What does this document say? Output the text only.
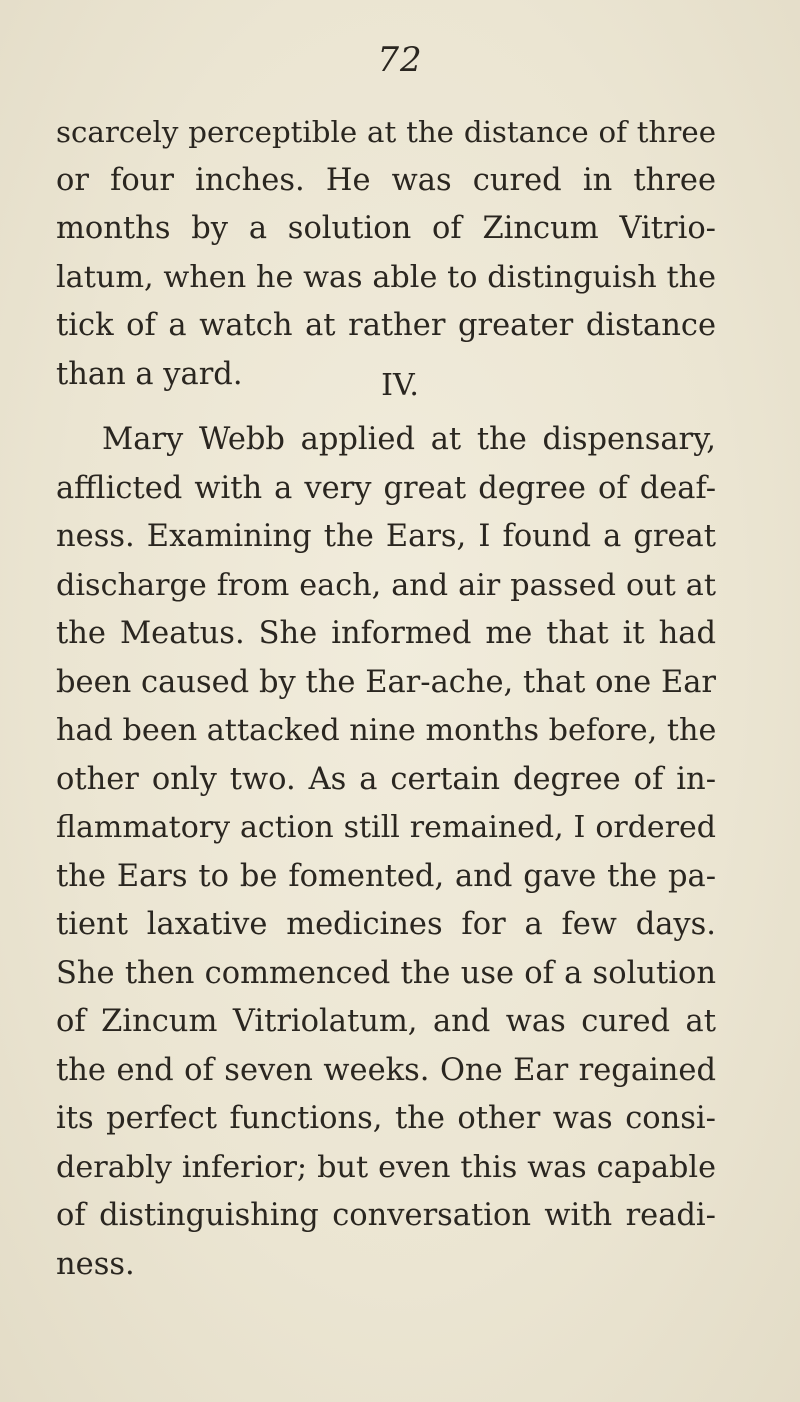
72
scarcely perceptible at the distance of three
or four inches. He was cured in three
months by a solution of Zincum Vitrio-
latum, when he was able to distinguish the
tick of a watch at rather greater distance
than a yard.	IV.
Mary Webb applied at the dispensary,
afflicted with a very great degree of deaf-
ness. Examining the Ears, I found a great
discharge from each, and air passed out at
the Meatus. She informed me that it had
been caused by the Ear-ache, that one Ear
had been attacked nine months before, the
other only two. As a certain degree of in-
flammatory action still remained, I ordered
the Ears to be fomented, and gave the pa-
tient laxative medicines for a few days.
She then commenced the use of a solution
of Zincum Vitriolatum, and was cured at
the end of seven weeks. One Ear regained
its perfect functions, the other was consi-
derably inferior; but even this was capable
of distinguishing conversation with readi-
ness.
